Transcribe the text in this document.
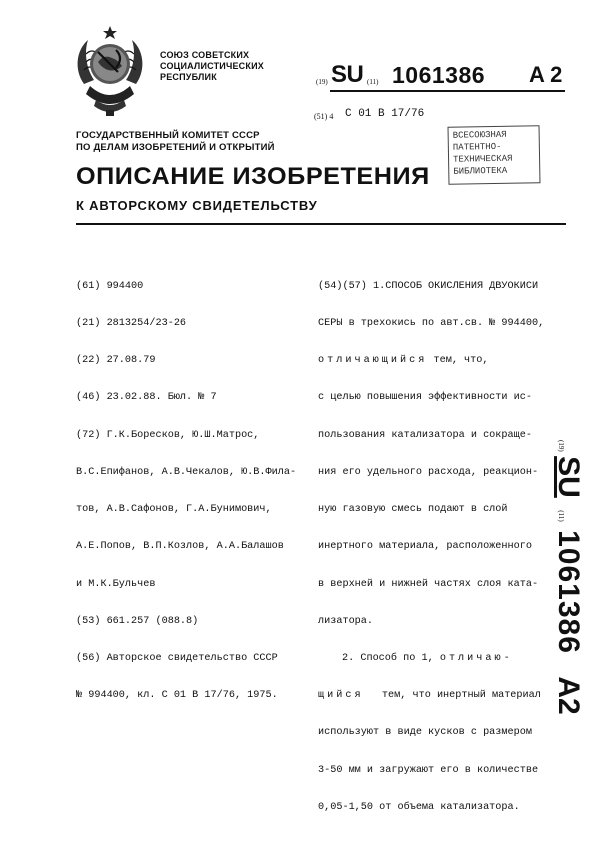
СОЮЗ СОВЕТСКИХ
СОЦИАЛИСТИЧЕСКИХ
РЕСПУБЛИК	(19) SU (11) 1061386 A 2
(51) 4 С 01 В 17/76
ВСЕСОЮЗНАЯ
ПАТЕНТНО-
ТЕХНИЧЕСКАЯ
БИБЛИОТЕКА
ГОСУДАРСТВЕННЫЙ КОМИТЕТ СССР
ПО ДЕЛАМ ИЗОБРЕТЕНИЙ И ОТКРЫТИЙ
ОПИСАНИЕ ИЗОБРЕТЕНИЯ
К АВТОРСКОМУ СВИДЕТЕЛЬСТВУ

(61) 994400

(21) 2813254/23-26

(22) 27.08.79

(46) 23.02.88. Бюл. № 7

(72) Г.К.Боресков, Ю.Ш.Матрос,

В.С.Епифанов, А.В.Чекалов, Ю.В.Фила-

тов, А.В.Сафонов, Г.А.Бунимович,

А.Е.Попов, В.П.Козлов, А.А.Балашов

и М.К.Бульчев

(53) 661.257 (088.8)

(56) Авторское свидетельство СССР

№ 994400, кл. С 01 В 17/76, 1975.

(54)(57) 1.СПОСОБ ОКИСЛЕНИЯ ДВУОКИСИ

СЕРЫ в трехокись по авт.св. № 994400,

отличающийся тем, что,

с целью повышения эффективности ис-

пользования катализатора и сокраще-

ния его удельного расхода, реакцион-

ную газовую смесь подают в слой

инертного материала, расположенного

в верхней и нижней частях слоя ката-

лизатора.

2. Способ по 1, отличаю-

щийся   тем, что инертный материал

используют в виде кусков с размером

3-50 мм и загружают его в количестве

0,05-1,50 от объема катализатора.

(19) SU (11) 1061386 A2
